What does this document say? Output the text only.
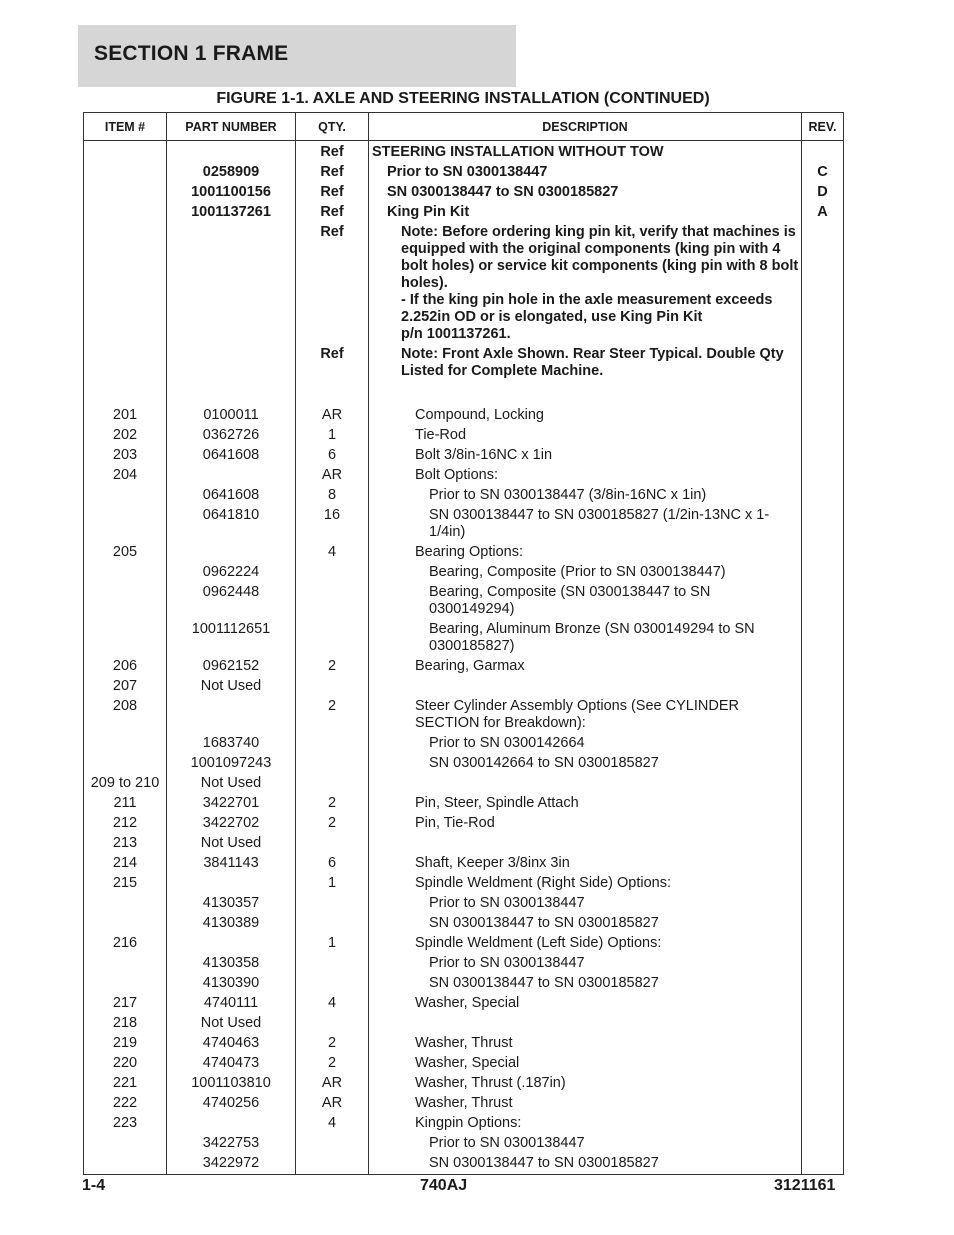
SECTION 1 FRAME
FIGURE 1-1. AXLE AND STEERING INSTALLATION (CONTINUED)
ITEM #	PART NUMBER	QTY.	DESCRIPTION	REV.
		Ref	STEERING INSTALLATION WITHOUT TOW	
	0258909	Ref	Prior to SN 0300138447	C
	1001100156	Ref	SN 0300138447 to SN 0300185827	D
	1001137261	Ref	King Pin Kit	A
		Ref	Note: Before ordering king pin kit, verify that machines is equipped with the original components (king pin with 4 bolt holes) or service kit components (king pin with 8 bolt holes).
- If the king pin hole in the axle measurement exceeds 2.252in OD or is elongated, use King Pin Kit
p/n 1001137261.	
		Ref	Note: Front Axle Shown. Rear Steer Typical. Double Qty Listed for Complete Machine.	

201	0100011	AR	Compound, Locking	
202	0362726	1	Tie-Rod	
203	0641608	6	Bolt 3/8in-16NC x 1in	
204		AR	Bolt Options:	
	0641608	8	Prior to SN 0300138447 (3/8in-16NC x 1in)	
	0641810	16	SN 0300138447 to SN 0300185827 (1/2in-13NC x 1-1/4in)	
205		4	Bearing Options:	
	0962224		Bearing, Composite (Prior to SN 0300138447)	
	0962448		Bearing, Composite (SN 0300138447 to SN 0300149294)	
	1001112651		Bearing, Aluminum Bronze (SN 0300149294 to SN 0300185827)	
206	0962152	2	Bearing, Garmax	
207	Not Used			
208		2	Steer Cylinder Assembly Options (See CYLINDER SECTION for Breakdown):	
	1683740		Prior to SN 0300142664	
	1001097243		SN 0300142664 to SN 0300185827	
209 to 210	Not Used			
211	3422701	2	Pin, Steer, Spindle Attach	
212	3422702	2	Pin, Tie-Rod	
213	Not Used			
214	3841143	6	Shaft, Keeper 3/8inx 3in	
215		1	Spindle Weldment (Right Side) Options:	
	4130357		Prior to SN 0300138447	
	4130389		SN 0300138447 to SN 0300185827	
216		1	Spindle Weldment (Left Side) Options:	
	4130358		Prior to SN 0300138447	
	4130390		SN 0300138447 to SN 0300185827	
217	4740111	4	Washer, Special	
218	Not Used			
219	4740463	2	Washer, Thrust	
220	4740473	2	Washer, Special	
221	1001103810	AR	Washer, Thrust (.187in)	
222	4740256	AR	Washer, Thrust	
223		4	Kingpin Options:	
	3422753		Prior to SN 0300138447	
	3422972		SN 0300138447 to SN 0300185827	
1-4	740AJ	3121161
